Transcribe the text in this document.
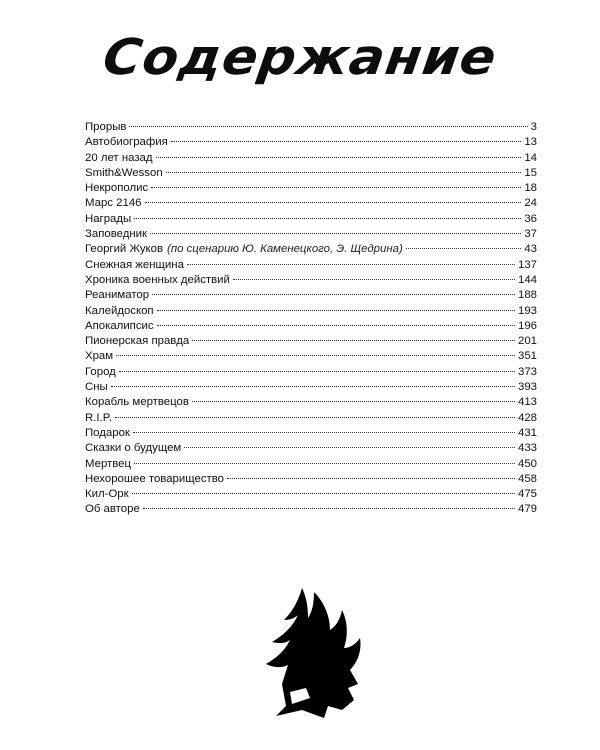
Содержание
Прорыв	3
Автобиография	13
20 лет назад	14
Smith&Wesson	15
Некрополис	18
Марс 2146	24
Награды	36
Заповедник	37
Георгий Жуков (по сценарию Ю. Каменецкого, Э. Щедрина)	43
Снежная женщина	137
Хроника военных действий	144
Реаниматор	188
Калейдоскоп	193
Апокалипсис	196
Пионерская правда	201
Храм	351
Город	373
Сны	393
Корабль мертвецов	413
R.I.P.	428
Подарок	431
Сказки о будущем	433
Мертвец	450
Нехорошее товарищество	458
Кил-Орк	475
Об авторе	479
